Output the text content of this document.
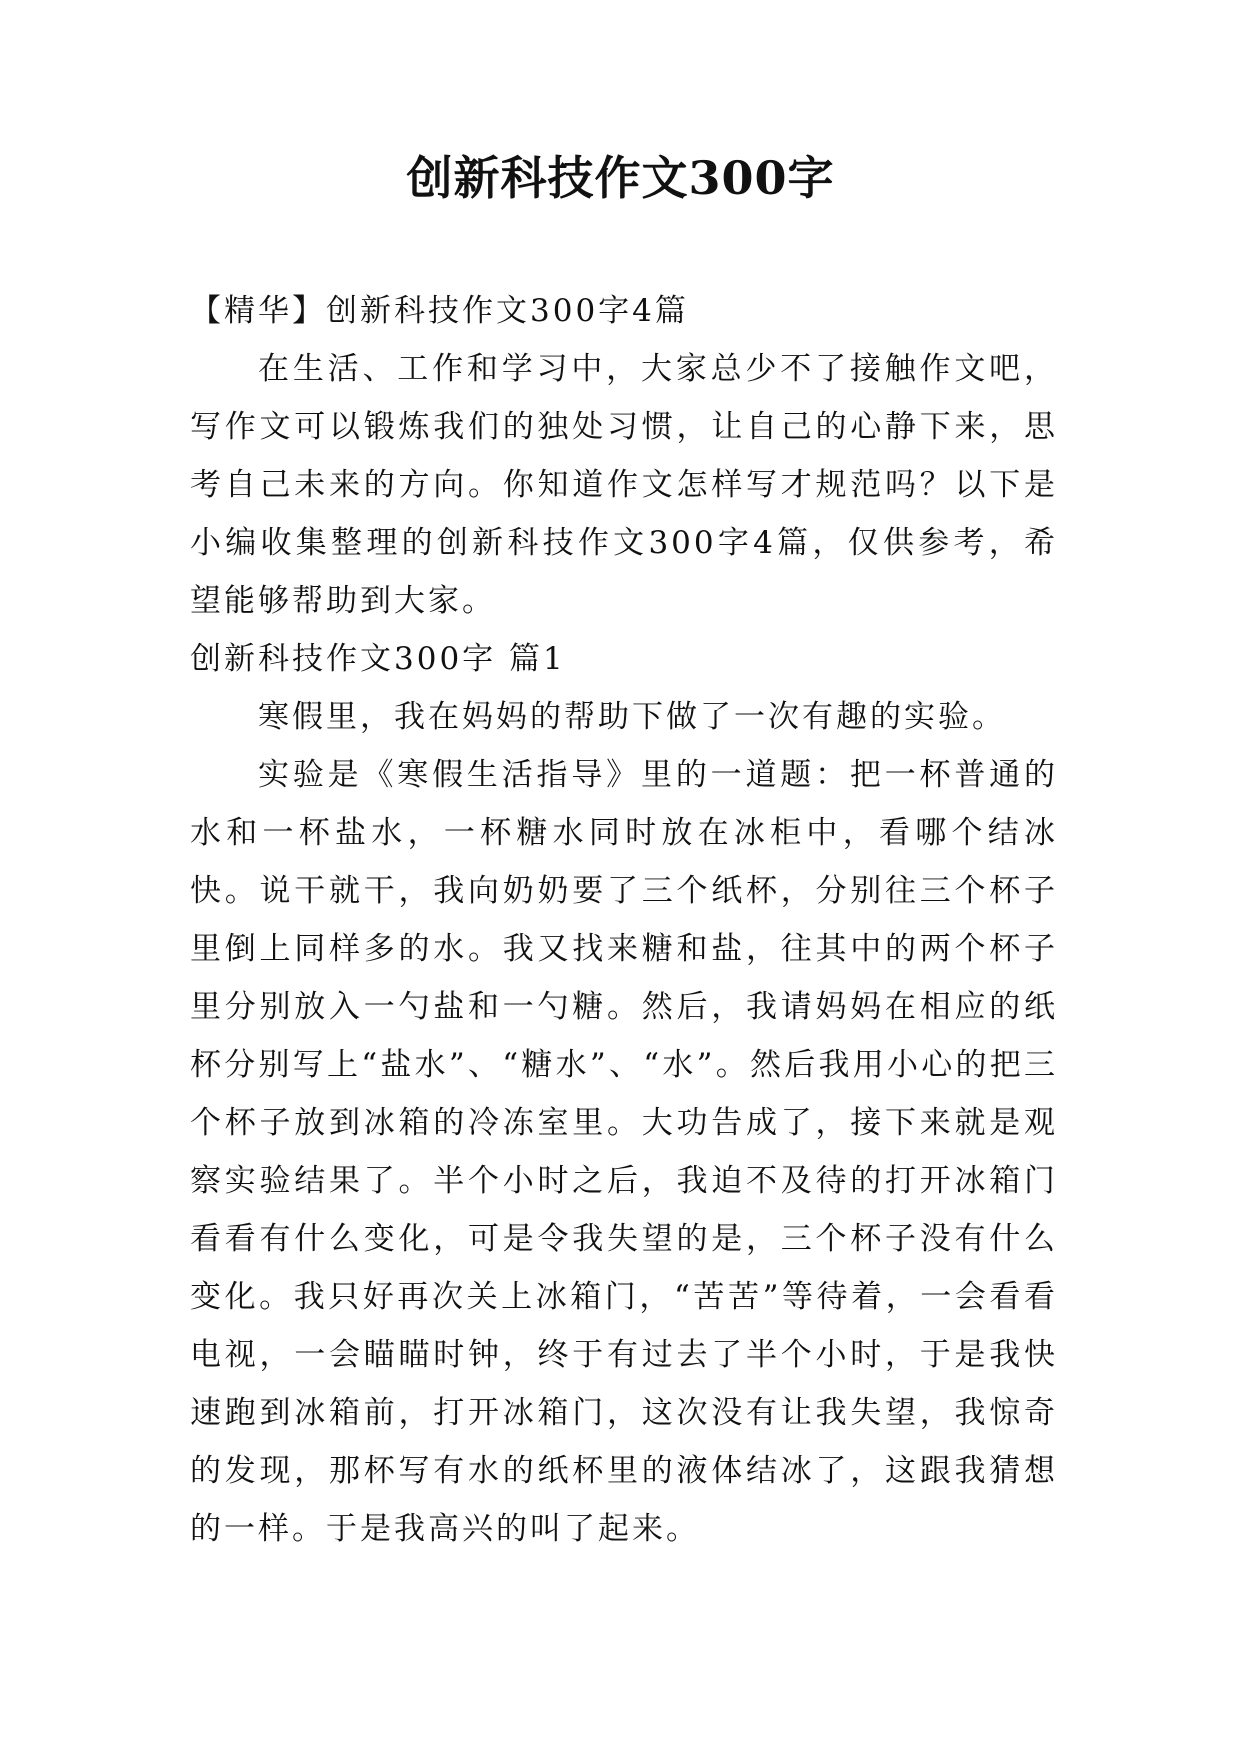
创新科技作文300字

【精华】创新科技作文300字4篇

在生活、工作和学习中，大家总少不了接触作文吧，写作文可以锻炼我们的独处习惯，让自己的心静下来，思考自己未来的方向。你知道作文怎样写才规范吗？以下是小编收集整理的创新科技作文300字4篇，仅供参考，希望能够帮助到大家。

创新科技作文300字 篇1

寒假里，我在妈妈的帮助下做了一次有趣的实验。

实验是《寒假生活指导》里的一道题：把一杯普通的水和一杯盐水，一杯糖水同时放在冰柜中，看哪个结冰快。说干就干，我向奶奶要了三个纸杯，分别往三个杯子里倒上同样多的水。我又找来糖和盐，往其中的两个杯子里分别放入一勺盐和一勺糖。然后，我请妈妈在相应的纸杯分别写上“盐水”、“糖水”、“水”。然后我用小心的把三个杯子放到冰箱的冷冻室里。大功告成了，接下来就是观察实验结果了。半个小时之后，我迫不及待的打开冰箱门看看有什么变化，可是令我失望的是，三个杯子没有什么变化。我只好再次关上冰箱门，“苦苦”等待着，一会看看电视，一会瞄瞄时钟，终于有过去了半个小时，于是我快速跑到冰箱前，打开冰箱门，这次没有让我失望，我惊奇的发现，那杯写有水的纸杯里的液体结冰了，这跟我猜想的一样。于是我高兴的叫了起来。
